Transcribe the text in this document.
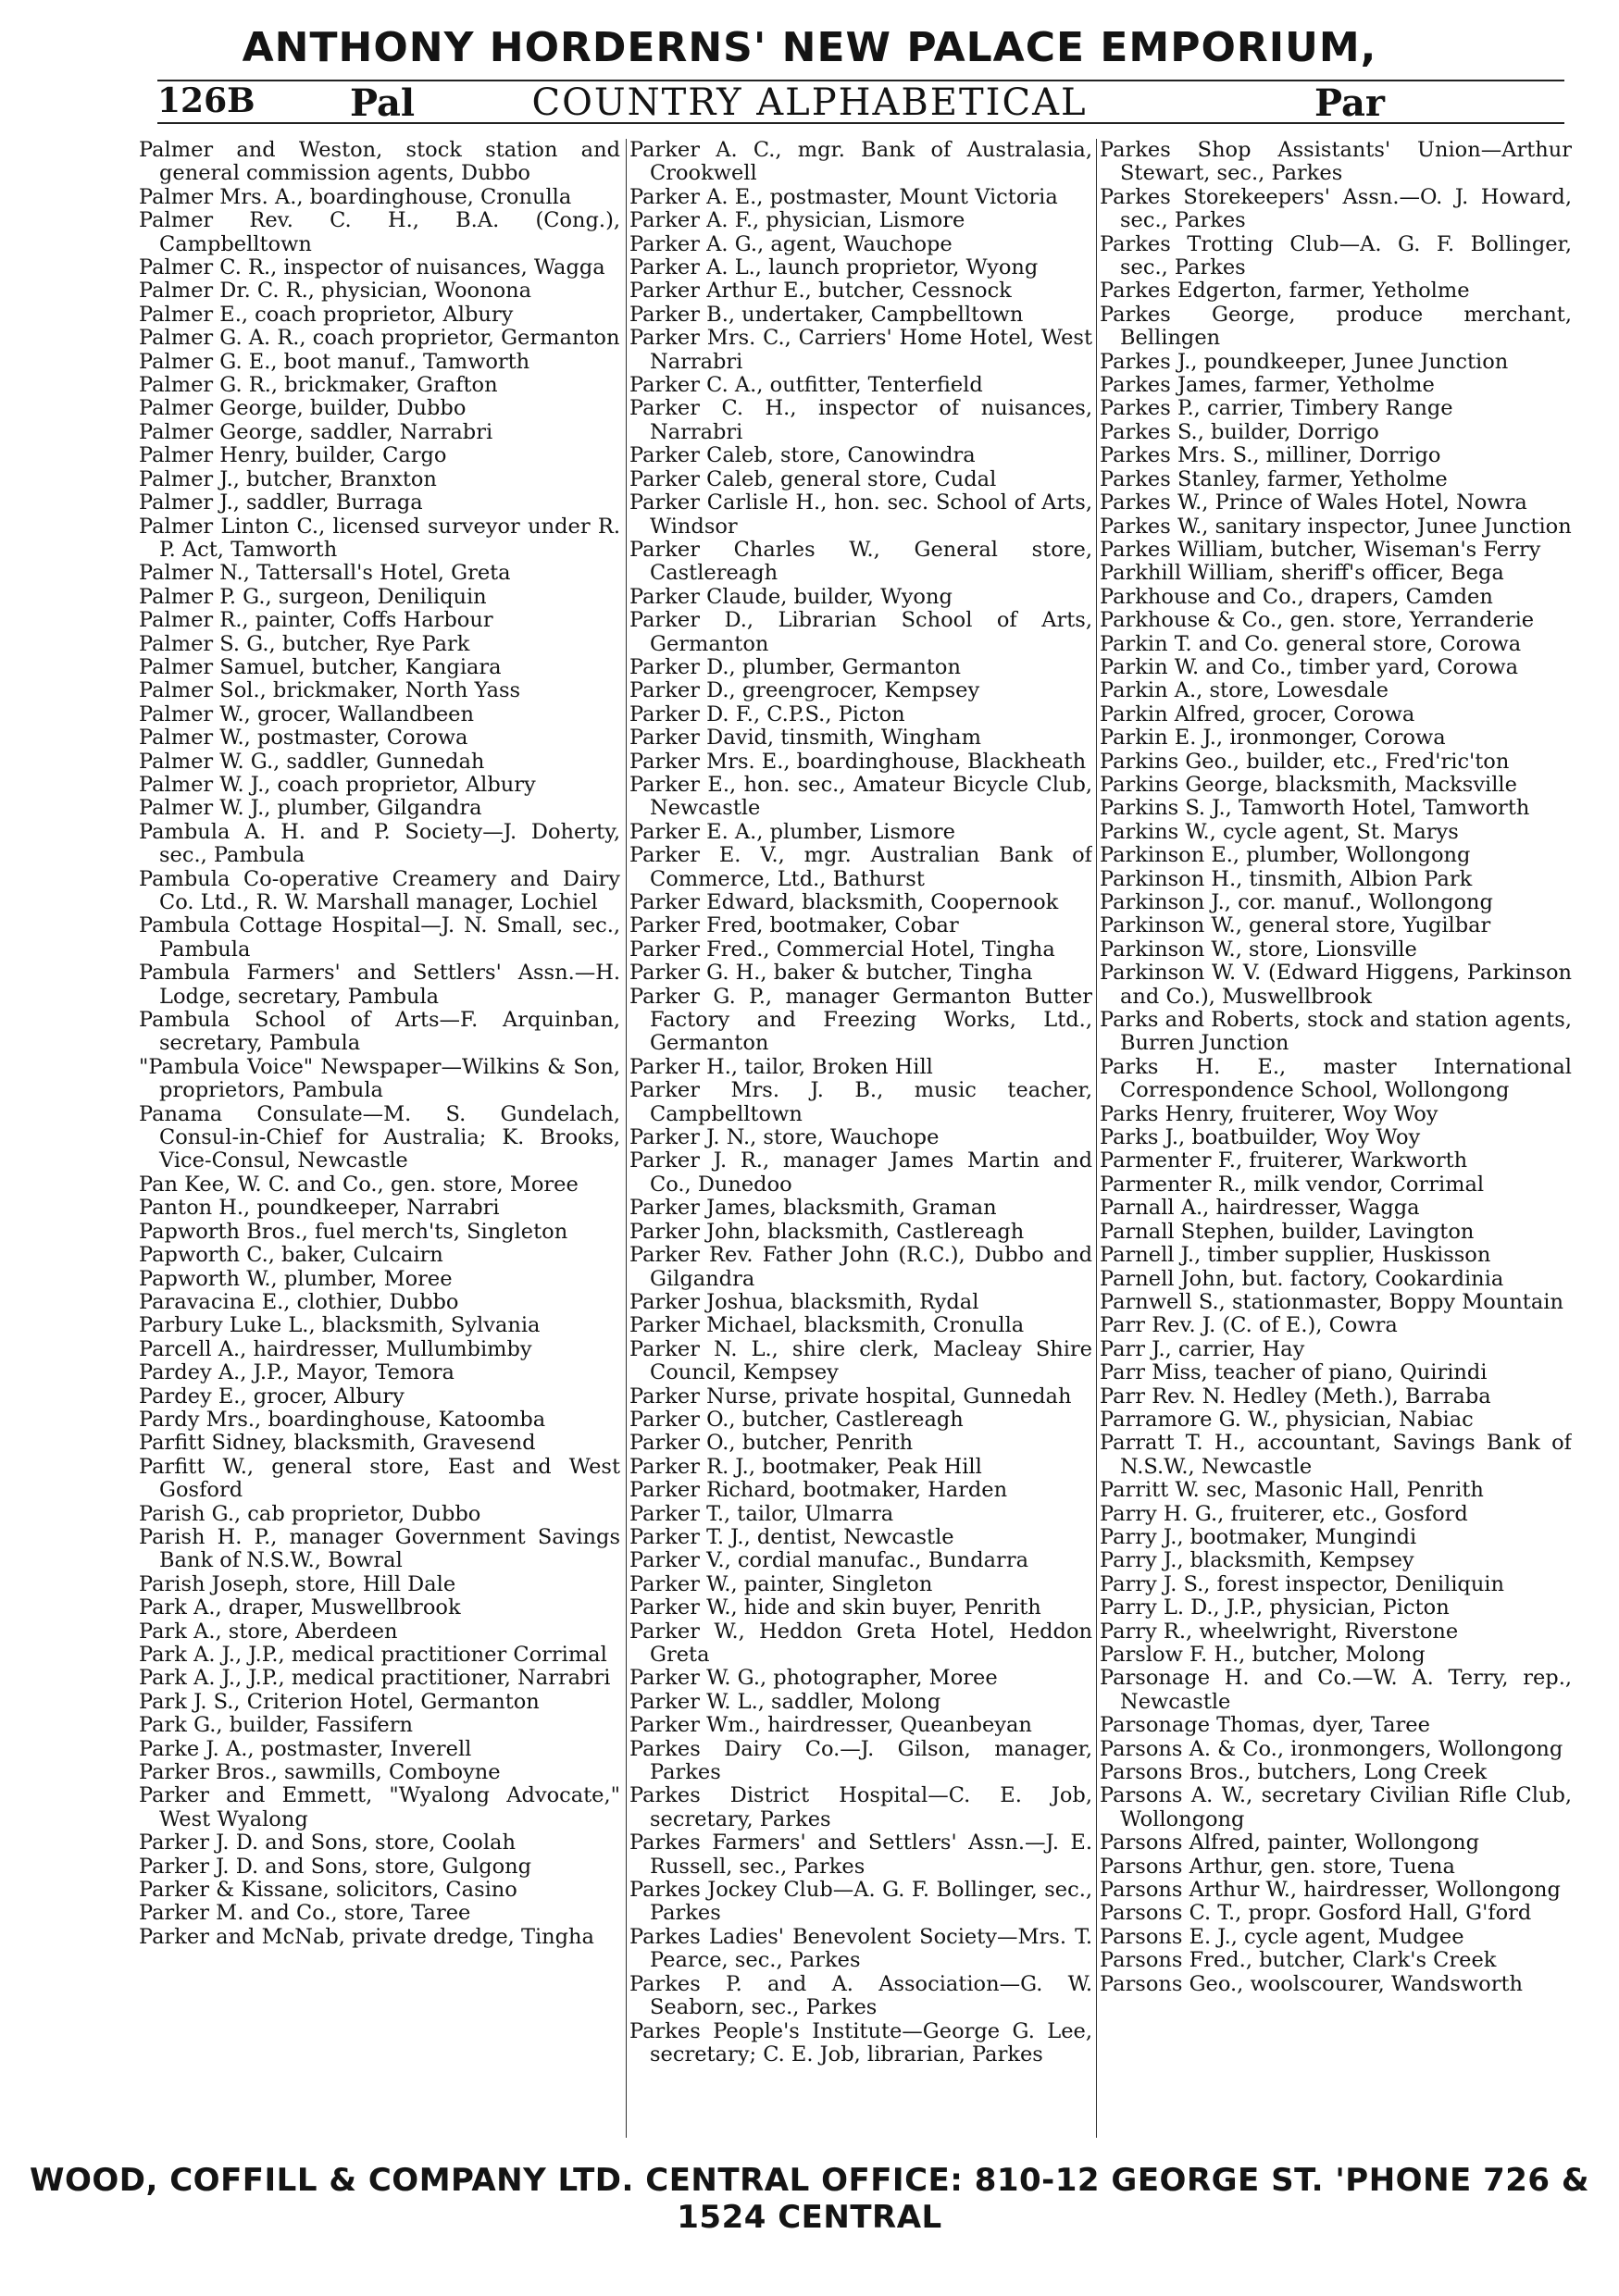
ANTHONY HORDERNS' NEW PALACE EMPORIUM,
126B	Pal	COUNTRY ALPHABETICAL	Par

Palmer and Weston, stock station and general commission agents, Dubbo

Palmer Mrs. A., boardinghouse, Cronulla

Palmer Rev. C. H., B.A. (Cong.), Campbelltown

Palmer C. R., inspector of nuisances, Wagga

Palmer Dr. C. R., physician, Woonona

Palmer E., coach proprietor, Albury

Palmer G. A. R., coach proprietor, Germanton

Palmer G. E., boot manuf., Tamworth

Palmer G. R., brickmaker, Grafton

Palmer George, builder, Dubbo

Palmer George, saddler, Narrabri

Palmer Henry, builder, Cargo

Palmer J., butcher, Branxton

Palmer J., saddler, Burraga

Palmer Linton C., licensed surveyor under R. P. Act, Tamworth

Palmer N., Tattersall's Hotel, Greta

Palmer P. G., surgeon, Deniliquin

Palmer R., painter, Coffs Harbour

Palmer S. G., butcher, Rye Park

Palmer Samuel, butcher, Kangiara

Palmer Sol., brickmaker, North Yass

Palmer W., grocer, Wallandbeen

Palmer W., postmaster, Corowa

Palmer W. G., saddler, Gunnedah

Palmer W. J., coach proprietor, Albury

Palmer W. J., plumber, Gilgandra

Pambula A. H. and P. Society—J. Doherty, sec., Pambula

Pambula Co-operative Creamery and Dairy Co. Ltd., R. W. Marshall manager, Lochiel

Pambula Cottage Hospital—J. N. Small, sec., Pambula

Pambula Farmers' and Settlers' Assn.—H. Lodge, secretary, Pambula

Pambula School of Arts—F. Arquinban, secretary, Pambula

"Pambula Voice" Newspaper—Wilkins & Son, proprietors, Pambula

Panama Consulate—M. S. Gundelach, Consul-in-Chief for Australia; K. Brooks, Vice-Consul, Newcastle

Pan Kee, W. C. and Co., gen. store, Moree

Panton H., poundkeeper, Narrabri

Papworth Bros., fuel merch'ts, Singleton

Papworth C., baker, Culcairn

Papworth W., plumber, Moree

Paravacina E., clothier, Dubbo

Parbury Luke L., blacksmith, Sylvania

Parcell A., hairdresser, Mullumbimby

Pardey A., J.P., Mayor, Temora

Pardey E., grocer, Albury

Pardy Mrs., boardinghouse, Katoomba

Parfitt Sidney, blacksmith, Gravesend

Parfitt W., general store, East and West Gosford

Parish G., cab proprietor, Dubbo

Parish H. P., manager Government Savings Bank of N.S.W., Bowral

Parish Joseph, store, Hill Dale

Park A., draper, Muswellbrook

Park A., store, Aberdeen

Park A. J., J.P., medical practitioner Corrimal

Park A. J., J.P., medical practitioner, Narrabri

Park J. S., Criterion Hotel, Germanton

Park G., builder, Fassifern

Parke J. A., postmaster, Inverell

Parker Bros., sawmills, Comboyne

Parker and Emmett, "Wyalong Advocate," West Wyalong

Parker J. D. and Sons, store, Coolah

Parker J. D. and Sons, store, Gulgong

Parker & Kissane, solicitors, Casino

Parker M. and Co., store, Taree

Parker and McNab, private dredge, Tingha

Parker A. C., mgr. Bank of Australasia, Crookwell

Parker A. E., postmaster, Mount Victoria

Parker A. F., physician, Lismore

Parker A. G., agent, Wauchope

Parker A. L., launch proprietor, Wyong

Parker Arthur E., butcher, Cessnock

Parker B., undertaker, Campbelltown

Parker Mrs. C., Carriers' Home Hotel, West Narrabri

Parker C. A., outfitter, Tenterfield

Parker C. H., inspector of nuisances, Narrabri

Parker Caleb, store, Canowindra

Parker Caleb, general store, Cudal

Parker Carlisle H., hon. sec. School of Arts, Windsor

Parker Charles W., General store, Castlereagh

Parker Claude, builder, Wyong

Parker D., Librarian School of Arts, Germanton

Parker D., plumber, Germanton

Parker D., greengrocer, Kempsey

Parker D. F., C.P.S., Picton

Parker David, tinsmith, Wingham

Parker Mrs. E., boardinghouse, Blackheath

Parker E., hon. sec., Amateur Bicycle Club, Newcastle

Parker E. A., plumber, Lismore

Parker E. V., mgr. Australian Bank of Commerce, Ltd., Bathurst

Parker Edward, blacksmith, Coopernook

Parker Fred, bootmaker, Cobar

Parker Fred., Commercial Hotel, Tingha

Parker G. H., baker & butcher, Tingha

Parker G. P., manager Germanton Butter Factory and Freezing Works, Ltd., Germanton

Parker H., tailor, Broken Hill

Parker Mrs. J. B., music teacher, Campbelltown

Parker J. N., store, Wauchope

Parker J. R., manager James Martin and Co., Dunedoo

Parker James, blacksmith, Graman

Parker John, blacksmith, Castlereagh

Parker Rev. Father John (R.C.), Dubbo and Gilgandra

Parker Joshua, blacksmith, Rydal

Parker Michael, blacksmith, Cronulla

Parker N. L., shire clerk, Macleay Shire Council, Kempsey

Parker Nurse, private hospital, Gunnedah

Parker O., butcher, Castlereagh

Parker O., butcher, Penrith

Parker R. J., bootmaker, Peak Hill

Parker Richard, bootmaker, Harden

Parker T., tailor, Ulmarra

Parker T. J., dentist, Newcastle

Parker V., cordial manufac., Bundarra

Parker W., painter, Singleton

Parker W., hide and skin buyer, Penrith

Parker W., Heddon Greta Hotel, Heddon Greta

Parker W. G., photographer, Moree

Parker W. L., saddler, Molong

Parker Wm., hairdresser, Queanbeyan

Parkes Dairy Co.—J. Gilson, manager, Parkes

Parkes District Hospital—C. E. Job, secretary, Parkes

Parkes Farmers' and Settlers' Assn.—J. E. Russell, sec., Parkes

Parkes Jockey Club—A. G. F. Bollinger, sec., Parkes

Parkes Ladies' Benevolent Society—Mrs. T. Pearce, sec., Parkes

Parkes P. and A. Association—G. W. Seaborn, sec., Parkes

Parkes People's Institute—George G. Lee, secretary; C. E. Job, librarian, Parkes

Parkes Shop Assistants' Union—Arthur Stewart, sec., Parkes

Parkes Storekeepers' Assn.—O. J. Howard, sec., Parkes

Parkes Trotting Club—A. G. F. Bollinger, sec., Parkes

Parkes Edgerton, farmer, Yetholme

Parkes George, produce merchant, Bellingen

Parkes J., poundkeeper, Junee Junction

Parkes James, farmer, Yetholme

Parkes P., carrier, Timbery Range

Parkes S., builder, Dorrigo

Parkes Mrs. S., milliner, Dorrigo

Parkes Stanley, farmer, Yetholme

Parkes W., Prince of Wales Hotel, Nowra

Parkes W., sanitary inspector, Junee Junction

Parkes William, butcher, Wiseman's Ferry

Parkhill William, sheriff's officer, Bega

Parkhouse and Co., drapers, Camden

Parkhouse & Co., gen. store, Yerranderie

Parkin T. and Co. general store, Corowa

Parkin W. and Co., timber yard, Corowa

Parkin A., store, Lowesdale

Parkin Alfred, grocer, Corowa

Parkin E. J., ironmonger, Corowa

Parkins Geo., builder, etc., Fred'ric'ton

Parkins George, blacksmith, Macksville

Parkins S. J., Tamworth Hotel, Tamworth

Parkins W., cycle agent, St. Marys

Parkinson E., plumber, Wollongong

Parkinson H., tinsmith, Albion Park

Parkinson J., cor. manuf., Wollongong

Parkinson W., general store, Yugilbar

Parkinson W., store, Lionsville

Parkinson W. V. (Edward Higgens, Parkinson and Co.), Muswellbrook

Parks and Roberts, stock and station agents, Burren Junction

Parks H. E., master International Correspondence School, Wollongong

Parks Henry, fruiterer, Woy Woy

Parks J., boatbuilder, Woy Woy

Parmenter F., fruiterer, Warkworth

Parmenter R., milk vendor, Corrimal

Parnall A., hairdresser, Wagga

Parnall Stephen, builder, Lavington

Parnell J., timber supplier, Huskisson

Parnell John, but. factory, Cookardinia

Parnwell S., stationmaster, Boppy Mountain

Parr Rev. J. (C. of E.), Cowra

Parr J., carrier, Hay

Parr Miss, teacher of piano, Quirindi

Parr Rev. N. Hedley (Meth.), Barraba

Parramore G. W., physician, Nabiac

Parratt T. H., accountant, Savings Bank of N.S.W., Newcastle

Parritt W. sec, Masonic Hall, Penrith

Parry H. G., fruiterer, etc., Gosford

Parry J., bootmaker, Mungindi

Parry J., blacksmith, Kempsey

Parry J. S., forest inspector, Deniliquin

Parry L. D., J.P., physician, Picton

Parry R., wheelwright, Riverstone

Parslow F. H., butcher, Molong

Parsonage H. and Co.—W. A. Terry, rep., Newcastle

Parsonage Thomas, dyer, Taree

Parsons A. & Co., ironmongers, Wollongong

Parsons Bros., butchers, Long Creek

Parsons A. W., secretary Civilian Rifle Club, Wollongong

Parsons Alfred, painter, Wollongong

Parsons Arthur, gen. store, Tuena

Parsons Arthur W., hairdresser, Wollongong

Parsons C. T., propr. Gosford Hall, G'ford

Parsons E. J., cycle agent, Mudgee

Parsons Fred., butcher, Clark's Creek

Parsons Geo., woolscourer, Wandsworth

WOOD, COFFILL & COMPANY LTD. CENTRAL OFFICE: 810-12 GEORGE ST. 'PHONE 726 & 1524 CENTRAL
